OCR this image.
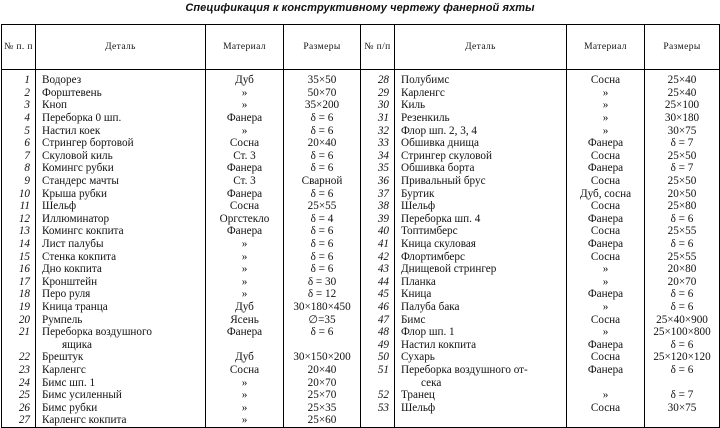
Спецификация к конструктивному чертежу фанерной яхты
№ п. п	Деталь	Материал	Размеры
1	Водорез	Дуб	35×50
2	Форштевень	»	50×70
3	Кноп	»	35×200
4	Переборка 0 шп.	Фанера	δ = 6
5	Настил коек	»	δ = 6
6	Стрингер бортовой	Сосна	20×40
7	Скуловой киль	Ст. 3	δ = 6
8	Комингс рубки	Фанера	δ = 6
9	Стандерс мачты	Ст. 3	Сварной
10	Крыша рубки	Фанера	δ = 6
11	Шельф	Сосна	25×55
12	Иллюминатор	Оргстекло	δ = 4
13	Комингс кокпита	Фанера	δ = 6
14	Лист палубы	»	δ = 6
15	Стенка кокпита	»	δ = 6
16	Дно кокпита	»	δ = 6
17	Кронштейн	»	δ = 30
18	Перо руля	»	δ = 12
19	Кница транца	Дуб	30×180×450
20	Румпель	Ясень	∅=35
21	Переборка воздушного	Фанера	δ = 6
	ящика		
22	Брештук	Дуб	30×150×200
23	Карленгс	Сосна	20×40
24	Бимс шп. 1	»	20×70
25	Бимс усиленный	»	25×70
26	Бимс рубки	»	25×35
27	Карленгс кокпита	»	25×60
№ п/п	Деталь	Материал	Размеры
28	Полубимс	Сосна	25×40
29	Карленгс	»	25×40
30	Киль	»	25×100
31	Резенкиль	»	30×180
32	Флор шп. 2, 3, 4	»	30×75
33	Обшивка днища	Фанера	δ = 7
34	Стрингер скуловой	Сосна	25×50
35	Обшивка борта	Фанера	δ = 7
36	Привальный брус	Сосна	25×50
37	Буртик	Дуб, сосна	20×50
38	Шельф	Сосна	25×80
39	Переборка шп. 4	Фанера	δ = 6
40	Топтимберс	Сосна	25×55
41	Кница скуловая	Фанера	δ = 6
42	Флортимберс	Сосна	25×55
43	Днищевой стрингер	»	20×80
44	Планка	»	20×70
45	Кница	Фанера	δ = 6
46	Палуба бака	»	δ = 6
47	Бимс	Сосна	25×40×900
48	Флор шп. 1	»	25×100×800
49	Настил кокпита	Фанера	δ = 6
50	Сухарь	Сосна	25×120×120
51	Переборка воздушного от-	Фанера	δ = 6
	сека		
52	Транец	»	δ = 7
53	Шельф	Сосна	30×75
